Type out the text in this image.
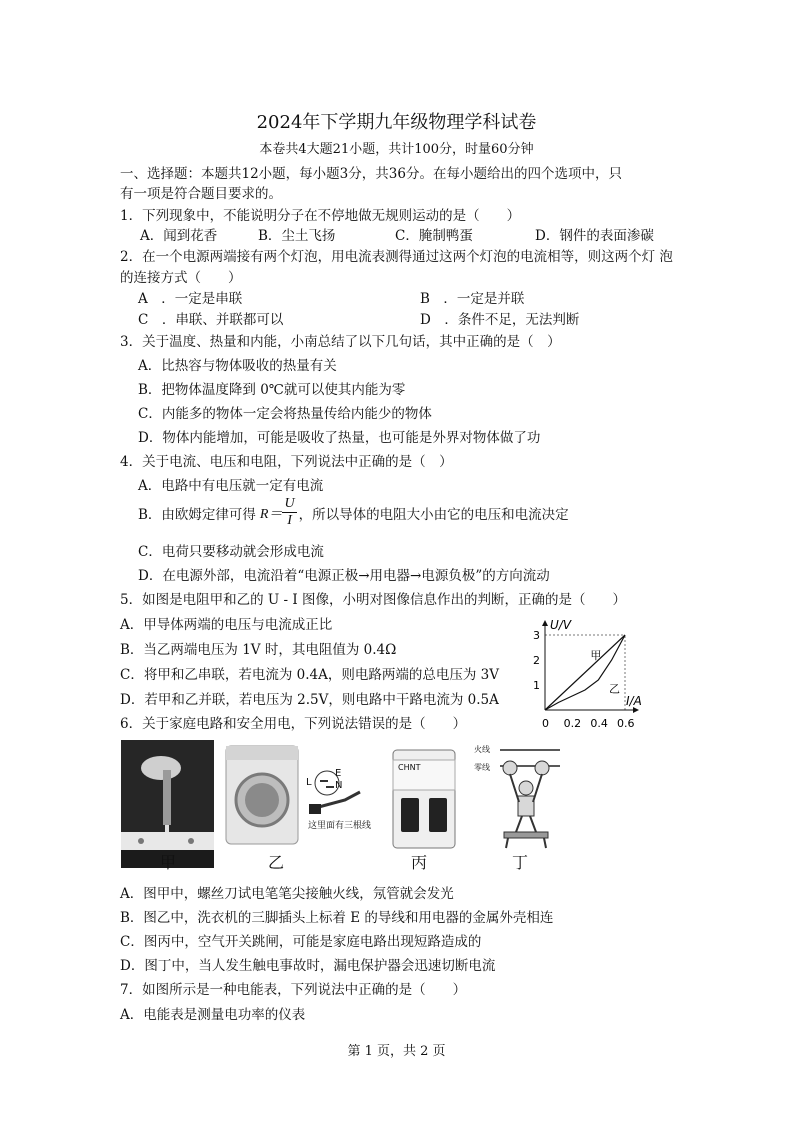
2024年下学期九年级物理学科试卷
本卷共4大题21小题，共计100分，时量60分钟
一、选择题：本题共12小题，每小题3分，共36分。在每小题给出的四个选项中，只
有一项是符合题目要求的。
1．下列现象中，不能说明分子在不停地做无规则运动的是（　　）
A．闻到花香	B．尘土飞扬	C．腌制鸭蛋	D．钢件的表面渗碳
2．在一个电源两端接有两个灯泡，用电流表测得通过这两个灯泡的电流相等，则这两个灯 泡
的连接方式（　　）
A　．一定是串联	B　．一定是并联
C　．串联、并联都可以	D　．条件不足，无法判断
3．关于温度、热量和内能，小南总结了以下几句话，其中正确的是（　）
A．比热容与物体吸收的热量有关
B．把物体温度降到 0℃就可以使其内能为零
C．内能多的物体一定会将热量传给内能少的物体
D．物体内能增加，可能是吸收了热量，也可能是外界对物体做了功
4．关于电流、电压和电阻，下列说法中正确的是（　）
A．电路中有电压就一定有电流
B．由欧姆定律可得 $R= \frac{U}{I}$ ，所以导体的电阻大小由它的电压和电流决定
C．电荷只要移动就会形成电流
D．在电源外部，电流沿着“电源正极→用电器→电源负极”的方向流动
5．如图是电阻甲和乙的 U - I 图像，小明对图像信息作出的判断，正确的是（　　）
A．甲导体两端的电压与电流成正比
B．当乙两端电压为 1V 时，其电阻值为 0.4Ω
C．将甲和乙串联，若电流为 0.4A，则电路两端的总电压为 3V
D．若甲和乙并联，若电压为 2.5V，则电路中干路电流为 0.5A
甲
乙
0.2 0.4 0.6
1
2
3
0
I/A
U/V
6．关于家庭电路和安全用电，下列说法错误的是（　　）
L
E
N
这里面有三根线
CHNT
火线
零线
甲	乙	丙	丁
A．图甲中，螺丝刀试电笔笔尖接触火线，氖管就会发光
B．图乙中，洗衣机的三脚插头上标着 E 的导线和用电器的金属外壳相连
C．图丙中，空气开关跳闸，可能是家庭电路出现短路造成的
D．图丁中，当人发生触电事故时，漏电保护器会迅速切断电流
7．如图所示是一种电能表，下列说法中正确的是（　　）
A．电能表是测量电功率的仪表
第 1 页，共 2 页
